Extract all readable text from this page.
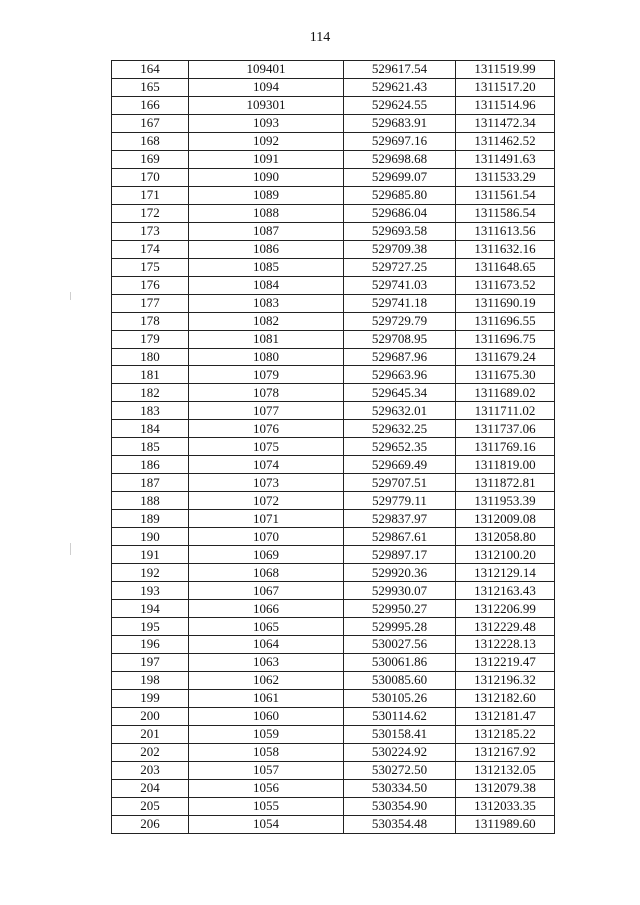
114
164	109401	529617.54	1311519.99
165	1094	529621.43	1311517.20
166	109301	529624.55	1311514.96
167	1093	529683.91	1311472.34
168	1092	529697.16	1311462.52
169	1091	529698.68	1311491.63
170	1090	529699.07	1311533.29
171	1089	529685.80	1311561.54
172	1088	529686.04	1311586.54
173	1087	529693.58	1311613.56
174	1086	529709.38	1311632.16
175	1085	529727.25	1311648.65
176	1084	529741.03	1311673.52
177	1083	529741.18	1311690.19
178	1082	529729.79	1311696.55
179	1081	529708.95	1311696.75
180	1080	529687.96	1311679.24
181	1079	529663.96	1311675.30
182	1078	529645.34	1311689.02
183	1077	529632.01	1311711.02
184	1076	529632.25	1311737.06
185	1075	529652.35	1311769.16
186	1074	529669.49	1311819.00
187	1073	529707.51	1311872.81
188	1072	529779.11	1311953.39
189	1071	529837.97	1312009.08
190	1070	529867.61	1312058.80
191	1069	529897.17	1312100.20
192	1068	529920.36	1312129.14
193	1067	529930.07	1312163.43
194	1066	529950.27	1312206.99
195	1065	529995.28	1312229.48
196	1064	530027.56	1312228.13
197	1063	530061.86	1312219.47
198	1062	530085.60	1312196.32
199	1061	530105.26	1312182.60
200	1060	530114.62	1312181.47
201	1059	530158.41	1312185.22
202	1058	530224.92	1312167.92
203	1057	530272.50	1312132.05
204	1056	530334.50	1312079.38
205	1055	530354.90	1312033.35
206	1054	530354.48	1311989.60
